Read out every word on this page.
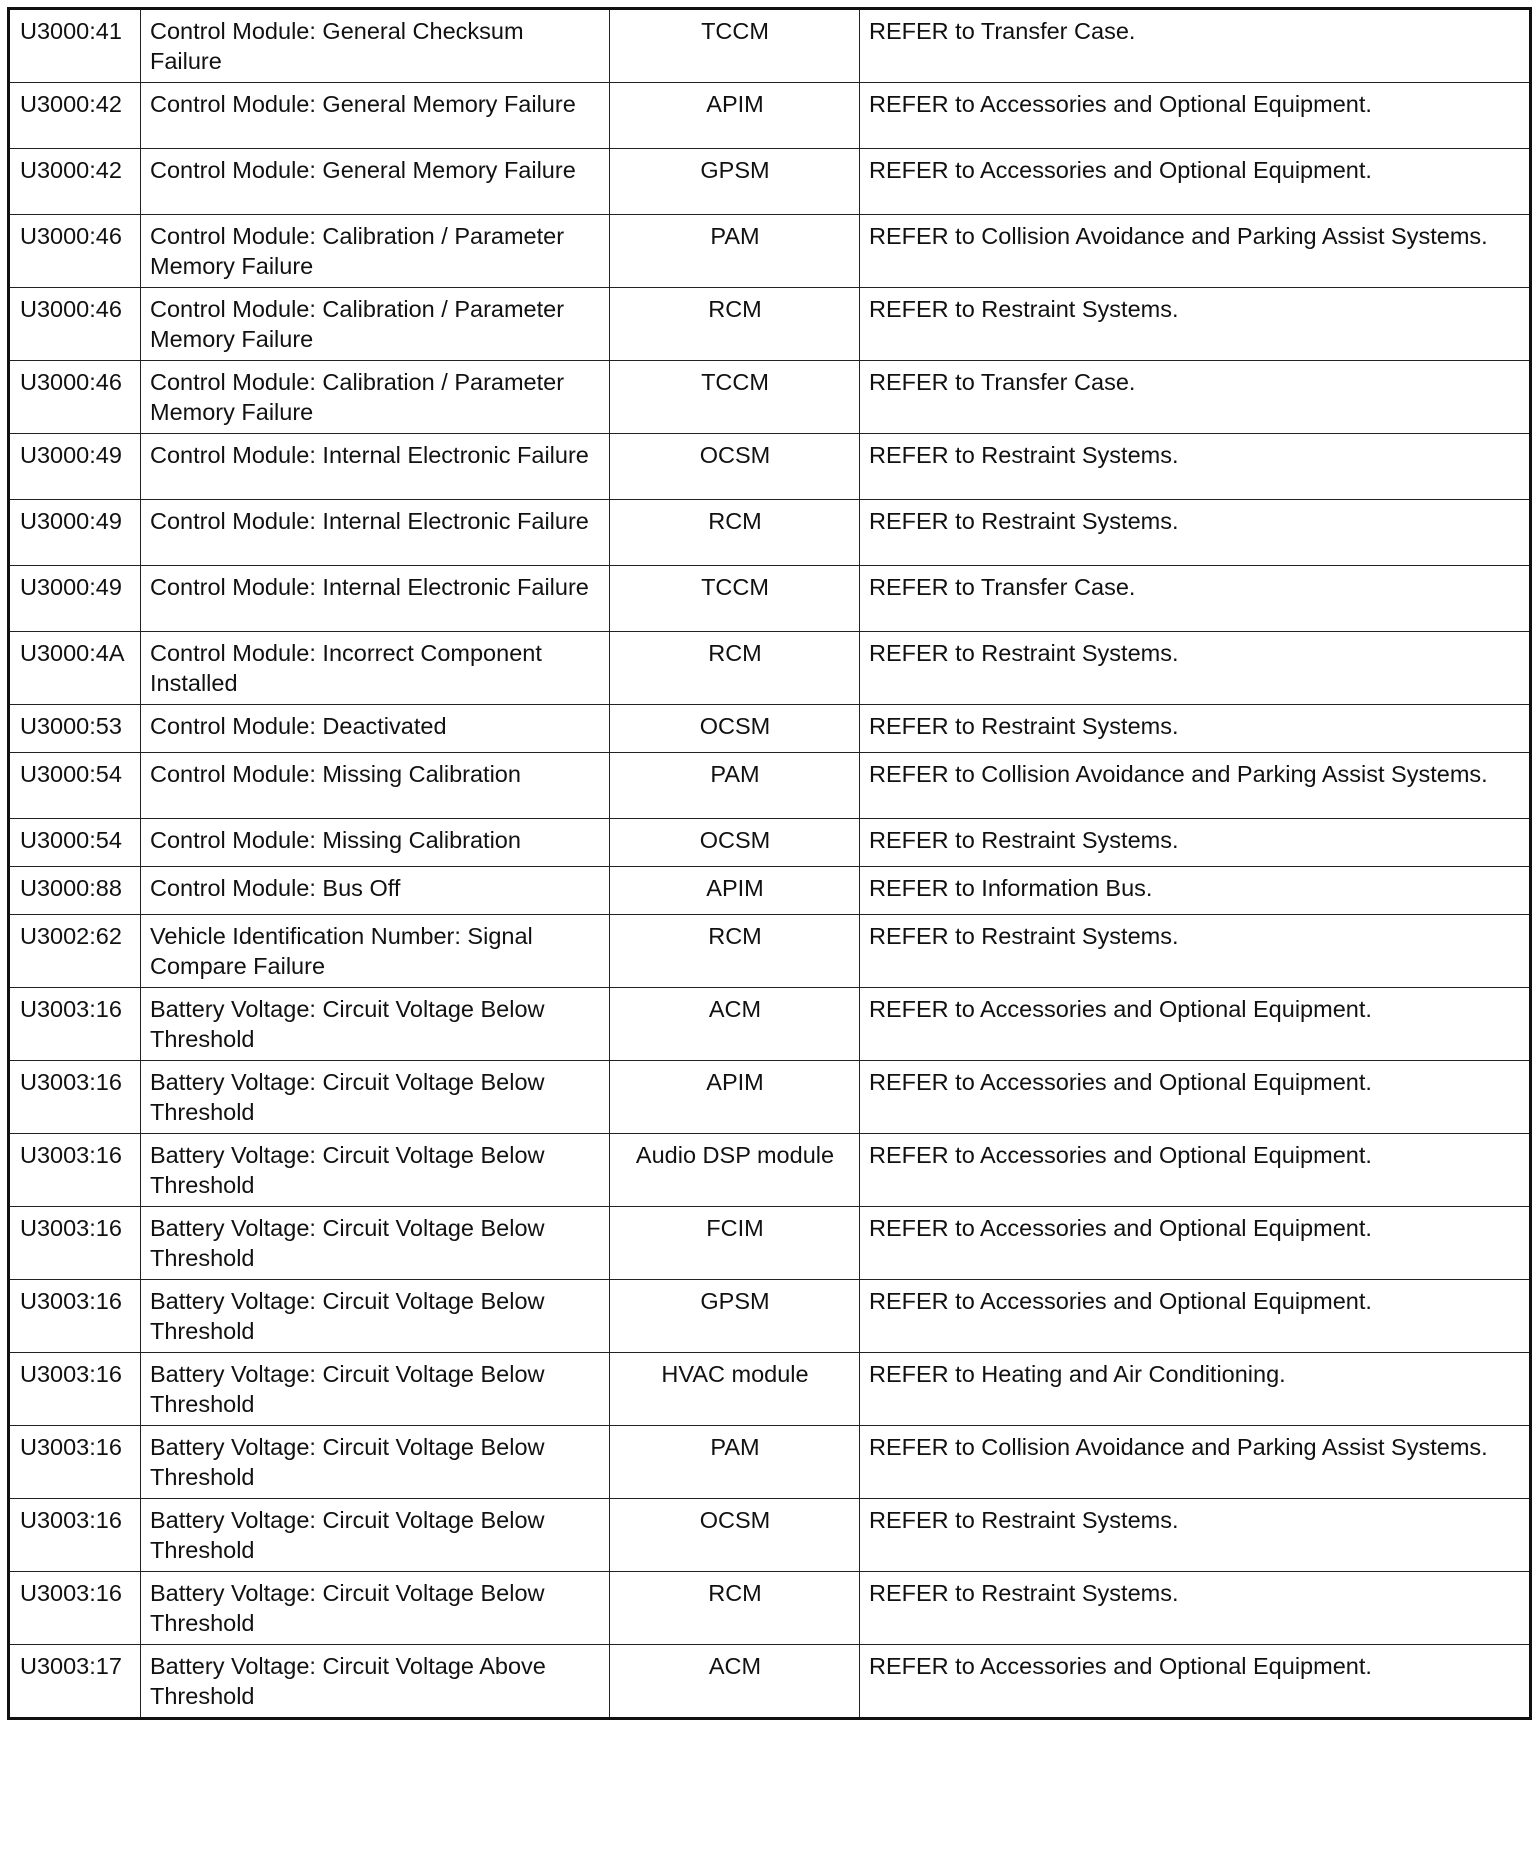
U3000:41	Control Module: General Checksum Failure	TCCM	REFER to Transfer Case.
U3000:42	Control Module: General Memory Failure	APIM	REFER to Accessories and Optional Equipment.
U3000:42	Control Module: General Memory Failure	GPSM	REFER to Accessories and Optional Equipment.
U3000:46	Control Module: Calibration / Parameter Memory Failure	PAM	REFER to Collision Avoidance and Parking Assist Systems.
U3000:46	Control Module: Calibration / Parameter Memory Failure	RCM	REFER to Restraint Systems.
U3000:46	Control Module: Calibration / Parameter Memory Failure	TCCM	REFER to Transfer Case.
U3000:49	Control Module: Internal Electronic Failure	OCSM	REFER to Restraint Systems.
U3000:49	Control Module: Internal Electronic Failure	RCM	REFER to Restraint Systems.
U3000:49	Control Module: Internal Electronic Failure	TCCM	REFER to Transfer Case.
U3000:4A	Control Module: Incorrect Component Installed	RCM	REFER to Restraint Systems.
U3000:53	Control Module: Deactivated	OCSM	REFER to Restraint Systems.
U3000:54	Control Module: Missing Calibration	PAM	REFER to Collision Avoidance and Parking Assist Systems.
U3000:54	Control Module: Missing Calibration	OCSM	REFER to Restraint Systems.
U3000:88	Control Module: Bus Off	APIM	REFER to Information Bus.
U3002:62	Vehicle Identification Number: Signal Compare Failure	RCM	REFER to Restraint Systems.
U3003:16	Battery Voltage: Circuit Voltage Below Threshold	ACM	REFER to Accessories and Optional Equipment.
U3003:16	Battery Voltage: Circuit Voltage Below Threshold	APIM	REFER to Accessories and Optional Equipment.
U3003:16	Battery Voltage: Circuit Voltage Below Threshold	Audio DSP module	REFER to Accessories and Optional Equipment.
U3003:16	Battery Voltage: Circuit Voltage Below Threshold	FCIM	REFER to Accessories and Optional Equipment.
U3003:16	Battery Voltage: Circuit Voltage Below Threshold	GPSM	REFER to Accessories and Optional Equipment.
U3003:16	Battery Voltage: Circuit Voltage Below Threshold	HVAC module	REFER to Heating and Air Conditioning.
U3003:16	Battery Voltage: Circuit Voltage Below Threshold	PAM	REFER to Collision Avoidance and Parking Assist Systems.
U3003:16	Battery Voltage: Circuit Voltage Below Threshold	OCSM	REFER to Restraint Systems.
U3003:16	Battery Voltage: Circuit Voltage Below Threshold	RCM	REFER to Restraint Systems.
U3003:17	Battery Voltage: Circuit Voltage Above Threshold	ACM	REFER to Accessories and Optional Equipment.
